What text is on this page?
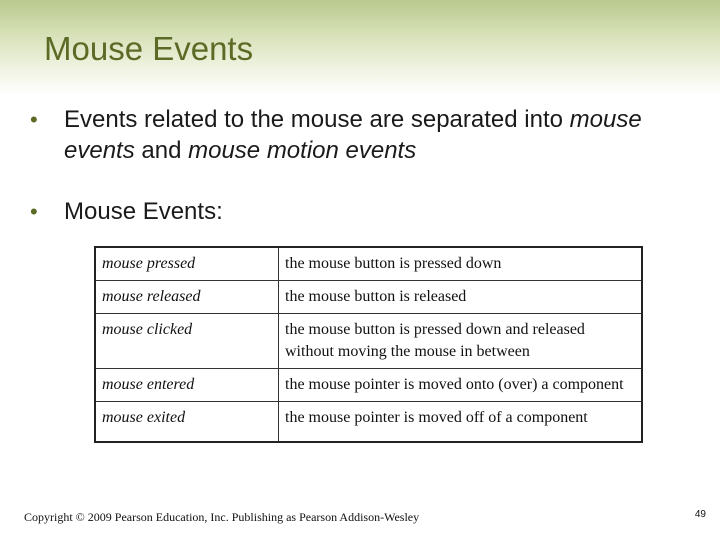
Mouse Events
• Events related to the mouse are separated into mouse events and mouse motion events
• Mouse Events:
mouse pressed	the mouse button is pressed down
mouse released	the mouse button is released
mouse clicked	the mouse button is pressed down and released without moving the mouse in between
mouse entered	the mouse pointer is moved onto (over) a component
mouse exited	the mouse pointer is moved off of a component
Copyright © 2009 Pearson Education, Inc. Publishing as Pearson Addison-Wesley	49
